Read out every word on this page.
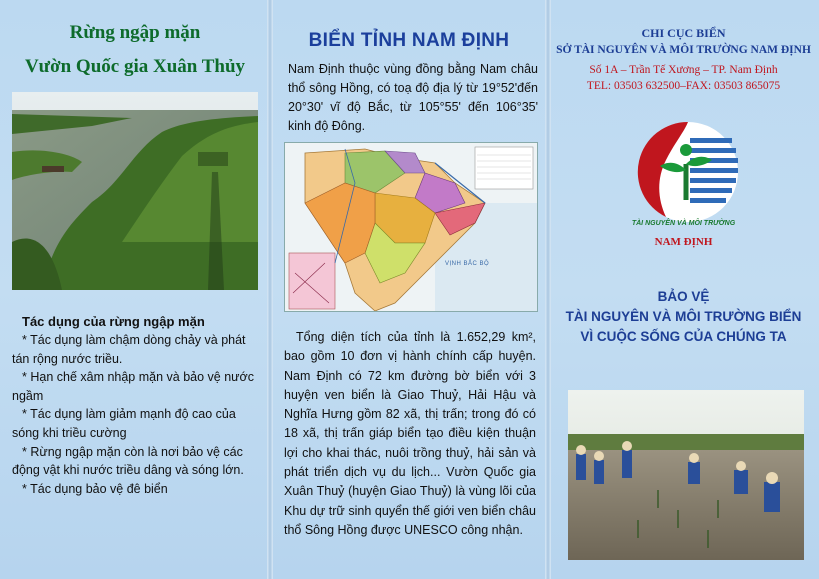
Rừng ngập mặn
Vườn Quốc gia Xuân Thủy
Tác dụng của rừng ngập mặn
* Tác dụng làm chậm dòng chảy và phát tán rộng nước triều.
* Hạn chế xâm nhập mặn và bảo vệ nước ngầm
* Tác dụng làm giảm mạnh độ cao của sóng khi triều cường
* Rừng ngập mặn còn là nơi bảo vệ các động vật khi nước triều dâng và sóng lớn.
* Tác dụng bảo vệ đê biển
BIỂN TỈNH NAM ĐỊNH
Nam Định thuộc vùng đồng bằng Nam châu thổ sông Hồng, có toạ độ địa lý từ 19°52'đến 20°30' vĩ độ Bắc, từ 105°55' đến 106°35' kinh độ Đông.
VỊNH BẮC BỘ
Tổng diện tích của tỉnh là 1.652,29 km², bao gồm 10 đơn vị hành chính cấp huyện. Nam Định có 72 km đường bờ biển với 3 huyện ven biển là Giao Thuỷ, Hải Hậu và Nghĩa Hưng gồm 82 xã, thị trấn; trong đó có 18 xã, thị trấn giáp biển tạo điều kiện thuận lợi cho khai thác, nuôi trồng thuỷ, hải sản và phát triển dịch vụ du lịch... Vườn Quốc gia Xuân Thuỷ (huyện Giao Thuỷ) là vùng lõi của Khu dự trữ sinh quyển thế giới ven biển châu thổ Sông Hồng được UNESCO công nhận.
CHI CỤC BIỂN
SỞ TÀI NGUYÊN VÀ MÔI TRƯỜNG NAM ĐỊNH
Số 1A – Trần Tế Xương – TP. Nam Định
TEL: 03503 632500–FAX: 03503 865075
TÀI NGUYÊN VÀ MÔI TRƯỜNG
NAM ĐỊNH
BẢO VỆ
TÀI NGUYÊN VÀ MÔI TRƯỜNG BIỂN
VÌ CUỘC SỐNG CỦA CHÚNG TA
